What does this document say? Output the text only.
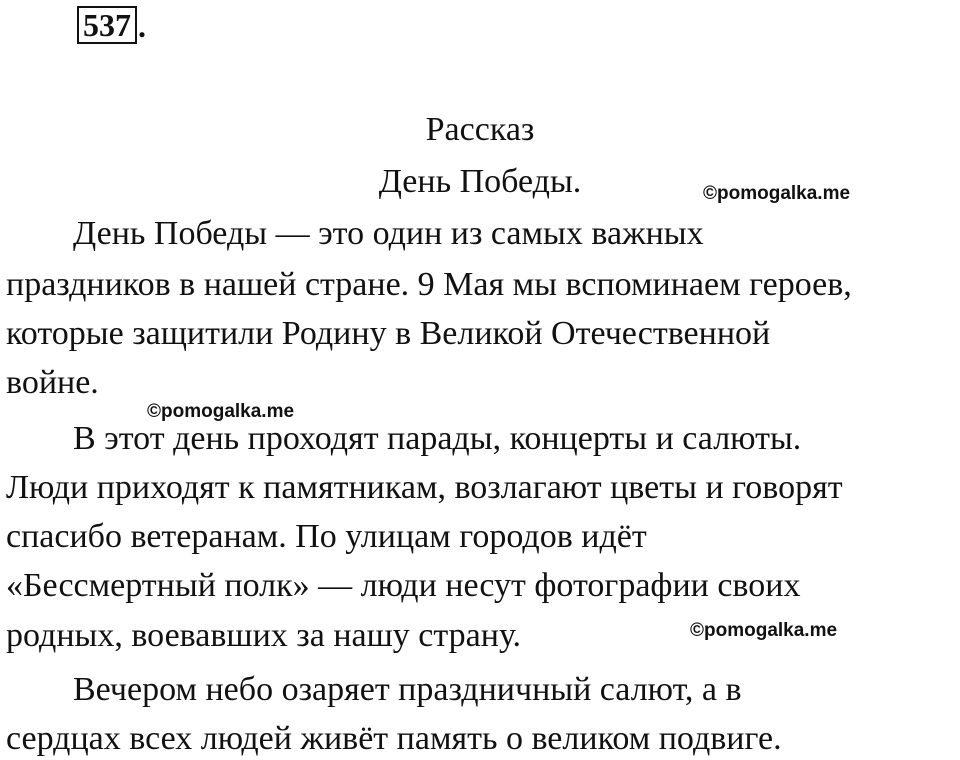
537 .
Рассказ
День Победы.	©pomogalka.me
День Победы — это один из самых важных
праздников в нашей стране. 9 Мая мы вспоминаем героев,
которые защитили Родину в Великой Отечественной
войне.
©pomogalka.me
В этот день проходят парады, концерты и салюты.
Люди приходят к памятникам, возлагают цветы и говорят
спасибо ветеранам. По улицам городов идёт
«Бессмертный полк» — люди несут фотографии своих
родных, воевавших за нашу страну.	©pomogalka.me
Вечером небо озаряет праздничный салют, а в
сердцах всех людей живёт память о великом подвиге.
